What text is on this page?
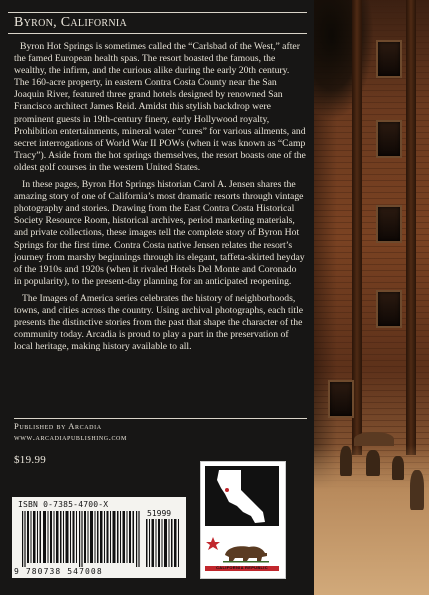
Byron, California

Byron Hot Springs is sometimes called the “Carlsbad of the West,” after the famed European health spas. The resort boasted the famous, the wealthy, the infirm, and the curious alike during the early 20th century. The 160-acre property, in eastern Contra Costa County near the San Joaquin River, featured three grand hotels designed by renowned San Francisco architect James Reid. Amidst this stylish backdrop were prominent guests in 19th-century finery, early Hollywood royalty, Prohibition entertainments, mineral water “cures” for various ailments, and secret interrogations of World War II POWs (when it was known as “Camp Tracy”). Aside from the hot springs themselves, the resort boasts one of the oldest golf courses in the western United States.

In these pages, Byron Hot Springs historian Carol A. Jensen shares the amazing story of one of California’s most dramatic resorts through vintage photography and stories. Drawing from the East Contra Costa Historical Society Resource Room, historical archives, period marketing materials, and private collections, these images tell the complete story of Byron Hot Springs for the first time. Contra Costa native Jensen relates the resort’s journey from marshy beginnings through its elegant, taffeta-skirted heyday of the 1910s and 1920s (when it rivaled Hotels Del Monte and Coronado in popularity), to the present-day planning for an anticipated reopening.

The Images of America series celebrates the history of neighborhoods, towns, and cities across the country. Using archival photographs, each title presents the distinctive stories from the past that shape the character of the community today. Arcadia is proud to play a part in the preservation of local heritage, making history available to all.

Published by Arcadia
www.arcadiapublishing.com
$19.99
ISBN 0-7385-4700-X
51999
9 780738 547008	CALIFORNIA REPUBLIC
